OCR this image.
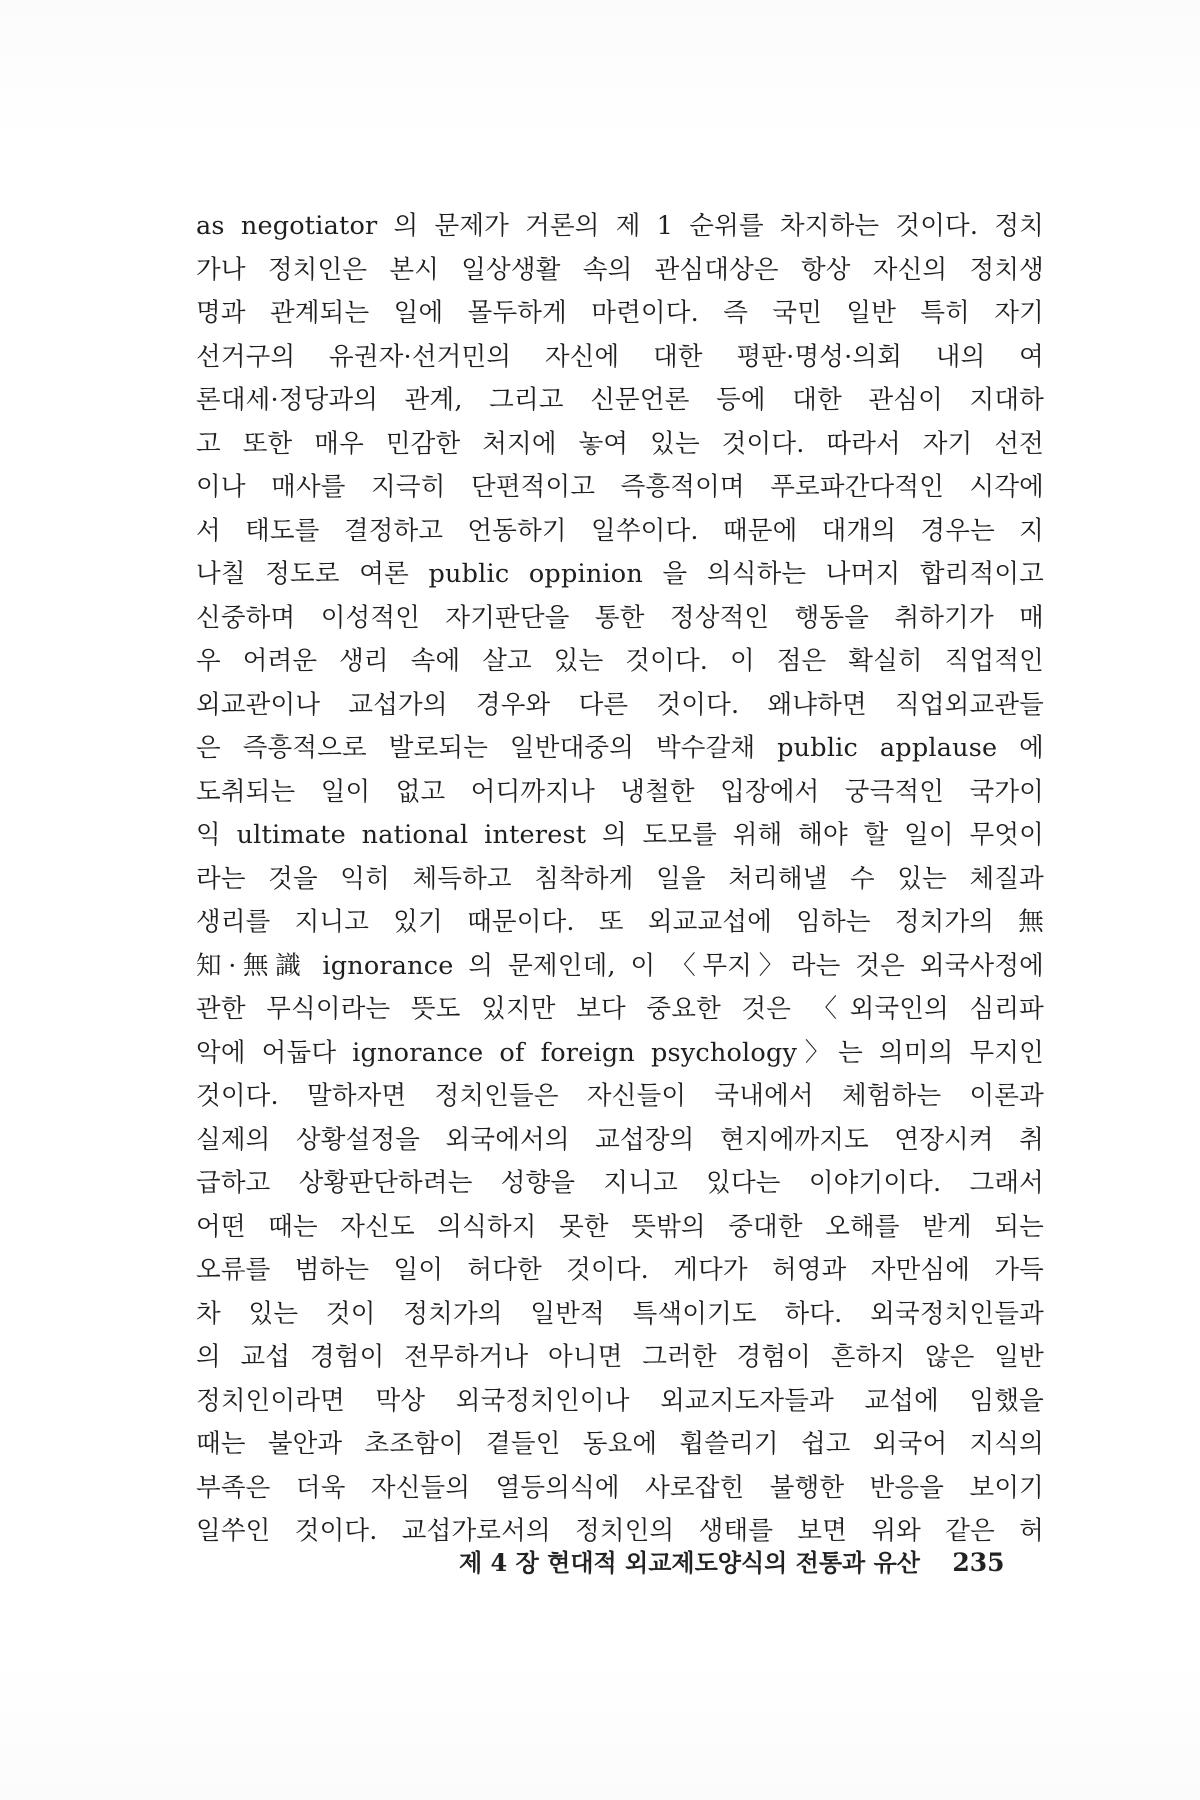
as negotiator 의 문제가 거론의 제 1 순위를 차지하는 것이다. 정치
가나 정치인은 본시 일상생활 속의 관심대상은 항상 자신의 정치생
명과 관계되는 일에 몰두하게 마련이다. 즉 국민 일반 특히 자기
선거구의 유권자·선거민의 자신에 대한 평판·명성·의회 내의 여
론대세·정당과의 관계, 그리고 신문언론 등에 대한 관심이 지대하
고 또한 매우 민감한 처지에 놓여 있는 것이다. 따라서 자기 선전
이나 매사를 지극히 단편적이고 즉흥적이며 푸로파간다적인 시각에
서 태도를 결정하고 언동하기 일쑤이다. 때문에 대개의 경우는 지
나칠 정도로 여론 public oppinion 을 의식하는 나머지 합리적이고
신중하며 이성적인 자기판단을 통한 정상적인 행동을 취하기가 매
우 어려운 생리 속에 살고 있는 것이다. 이 점은 확실히 직업적인
외교관이나 교섭가의 경우와 다른 것이다. 왜냐하면 직업외교관들
은 즉흥적으로 발로되는 일반대중의 박수갈채 public applause 에
도취되는 일이 없고 어디까지나 냉철한 입장에서 궁극적인 국가이
익 ultimate national interest 의 도모를 위해 해야 할 일이 무엇이
라는 것을 익히 체득하고 침착하게 일을 처리해낼 수 있는 체질과
생리를 지니고 있기 때문이다. 또 외교교섭에 임하는 정치가의 無
知·無識 ignorance 의 문제인데, 이 〈무지〉라는 것은 외국사정에
관한 무식이라는 뜻도 있지만 보다 중요한 것은 〈외국인의 심리파
악에 어둡다 ignorance of foreign psychology〉는 의미의 무지인
것이다. 말하자면 정치인들은 자신들이 국내에서 체험하는 이론과
실제의 상황설정을 외국에서의 교섭장의 현지에까지도 연장시켜 취
급하고 상황판단하려는 성향을 지니고 있다는 이야기이다. 그래서
어떤 때는 자신도 의식하지 못한 뜻밖의 중대한 오해를 받게 되는
오류를 범하는 일이 허다한 것이다. 게다가 허영과 자만심에 가득
차 있는 것이 정치가의 일반적 특색이기도 하다. 외국정치인들과
의 교섭 경험이 전무하거나 아니면 그러한 경험이 흔하지 않은 일반
정치인이라면 막상 외국정치인이나 외교지도자들과 교섭에 임했을
때는 불안과 초조함이 곁들인 동요에 휩쓸리기 쉽고 외국어 지식의
부족은 더욱 자신들의 열등의식에 사로잡힌 불행한 반응을 보이기
일쑤인 것이다. 교섭가로서의 정치인의 생태를 보면 위와 같은 허
제 4 장 현대적 외교제도양식의 전통과 유산 235
